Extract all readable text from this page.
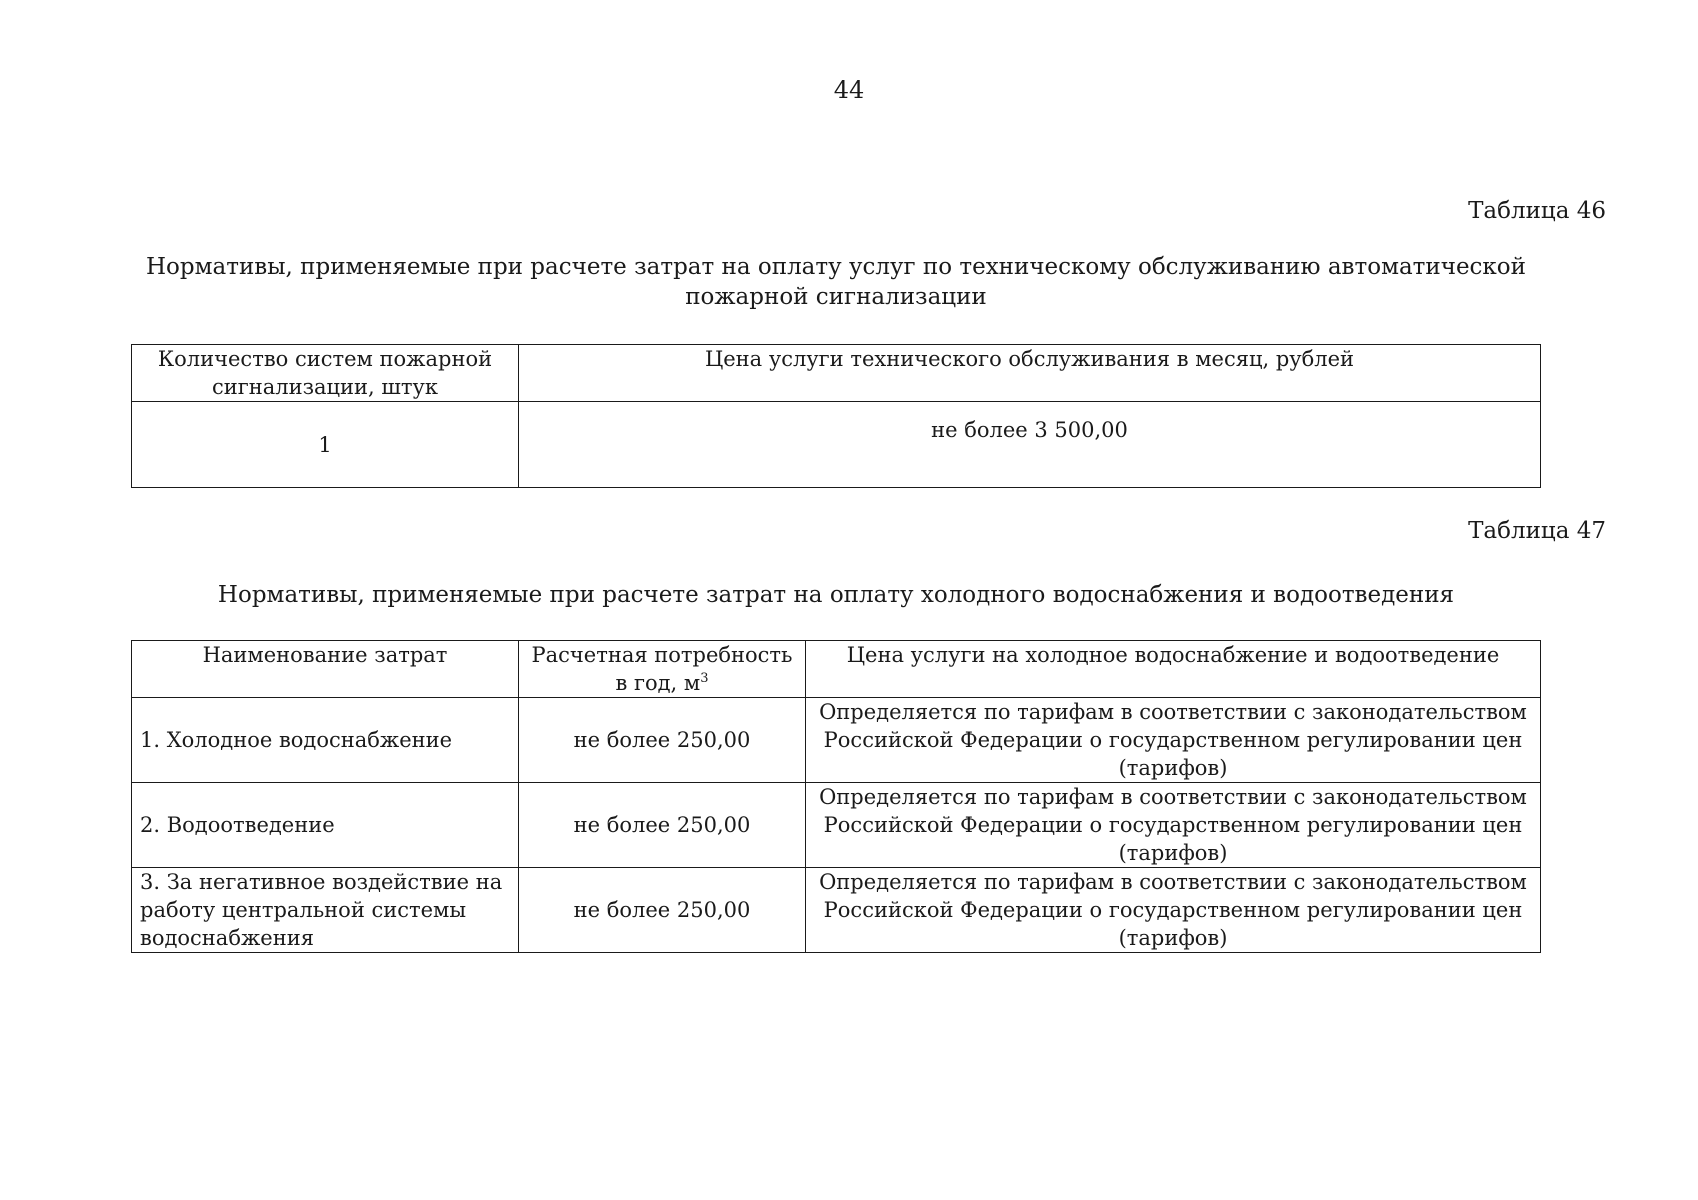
44
Таблица 46
Нормативы, применяемые при расчете затрат на оплату услуг по техническому обслуживанию автоматической пожарной сигнализации
Количество систем пожарной сигнализации, штук	Цена услуги технического обслуживания в месяц, рублей
1	не более 3 500,00
Таблица 47
Нормативы, применяемые при расчете затрат на оплату холодного водоснабжения и водоотведения
Наименование затрат	Расчетная потребность в год, $м^3$	Цена услуги на холодное водоснабжение и водоотведение
1. Холодное водоснабжение	не более 250,00	Определяется по тарифам в соответствии с законодательством Российской Федерации о государственном регулировании цен (тарифов)
2. Водоотведение	не более 250,00	Определяется по тарифам в соответствии с законодательством Российской Федерации о государственном регулировании цен (тарифов)
3. За негативное воздействие на работу центральной системы водоснабжения	не более 250,00	Определяется по тарифам в соответствии с законодательством Российской Федерации о государственном регулировании цен (тарифов)
